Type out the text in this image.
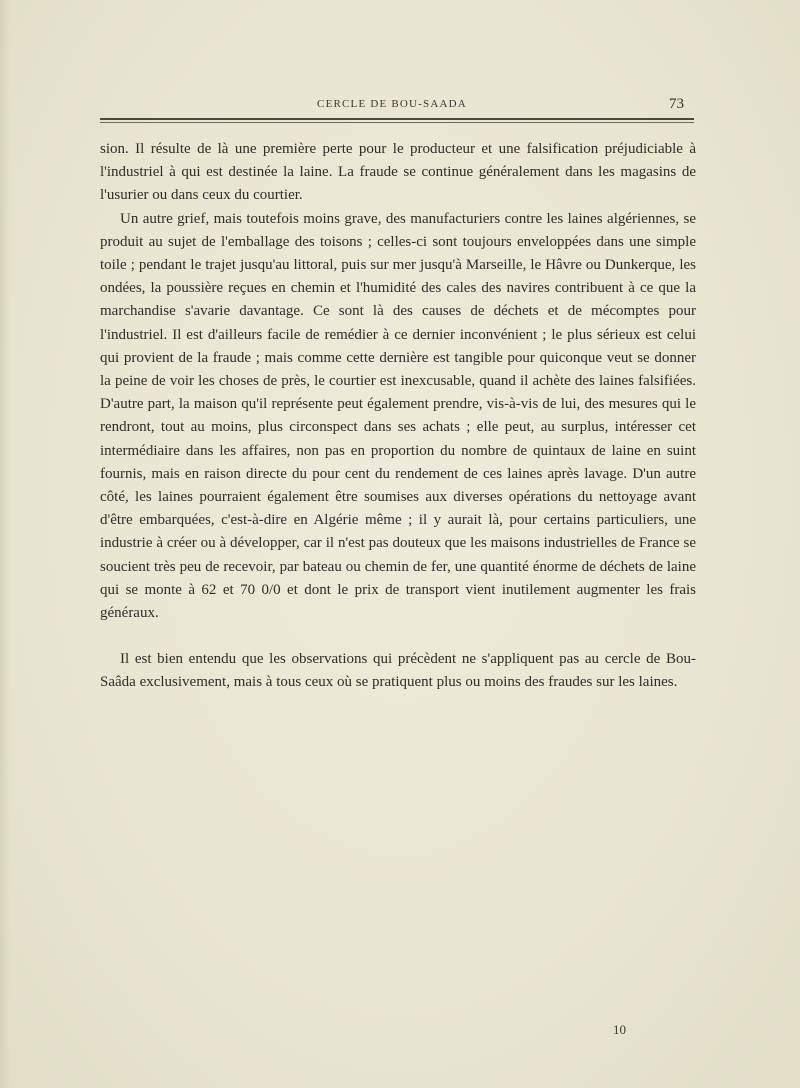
CERCLE DE BOU-SAADA	73

sion. Il résulte de là une première perte pour le producteur et une falsification préjudiciable à l'industriel à qui est destinée la laine. La fraude se continue généralement dans les magasins de l'usurier ou dans ceux du courtier.

Un autre grief, mais toutefois moins grave, des manufacturiers contre les laines algériennes, se produit au sujet de l'emballage des toisons ; celles-ci sont toujours enveloppées dans une simple toile ; pendant le trajet jusqu'au littoral, puis sur mer jusqu'à Marseille, le Hâvre ou Dunkerque, les ondées, la poussière reçues en chemin et l'humidité des cales des navires contribuent à ce que la marchandise s'avarie davantage. Ce sont là des causes de déchets et de mécomptes pour l'industriel. Il est d'ailleurs facile de remédier à ce dernier inconvénient ; le plus sérieux est celui qui provient de la fraude ; mais comme cette dernière est tangible pour quiconque veut se donner la peine de voir les choses de près, le courtier est inexcusable, quand il achète des laines falsifiées. D'autre part, la maison qu'il représente peut également prendre, vis-à-vis de lui, des mesures qui le rendront, tout au moins, plus circonspect dans ses achats ; elle peut, au surplus, intéresser cet intermédiaire dans les affaires, non pas en proportion du nombre de quintaux de laine en suint fournis, mais en raison directe du pour cent du rendement de ces laines après lavage. D'un autre côté, les laines pourraient également être soumises aux diverses opérations du nettoyage avant d'être embarquées, c'est-à-dire en Algérie même ; il y aurait là, pour certains particuliers, une industrie à créer ou à développer, car il n'est pas douteux que les maisons industrielles de France se soucient très peu de recevoir, par bateau ou chemin de fer, une quantité énorme de déchets de laine qui se monte à 62 et 70 0/0 et dont le prix de transport vient inutilement augmenter les frais généraux.

Il est bien entendu que les observations qui précèdent ne s'appliquent pas au cercle de Bou-Saâda exclusivement, mais à tous ceux où se pratiquent plus ou moins des fraudes sur les laines.

10
